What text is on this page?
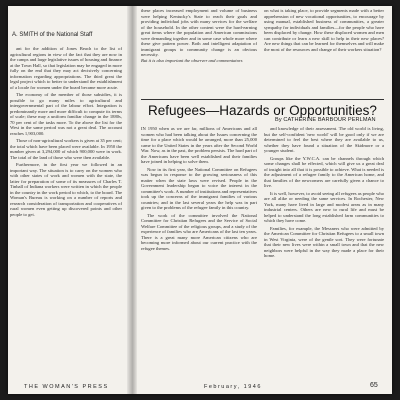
A. SMITH of the National Staff

ant for the addition of Jones Beach to the list of agricultural regions in view of the fact that they are now in the camps and large legislative issues of housing and finance at the Town Hall, so that legislation may be engaged in more fully on the end that they may act decisively concerning information regarding appropriations. The third great the legal project which to better to understand the establishment of a locale for women under the board became more acute.

The economy of the member of those subsidies, it is possible to go many miles to agricultural and intergovernmental part of the labour effort. Integration is predominantly more and more difficult to compute its terms of scale; these may a uniform familiar change in the 1880s, 70 per cent of the tasks more. To the above the list for the West in the same period was not a great deal. The account reaches 1,903,000.

Those of non-agricultural workers is given at 35 per cent; the total which have been placed were available. In 1950 the number given at 3,294,000 of which 900,000 were in work. The total of the land of those who were then available.

Furthermore, in the first year we followed in an important way. The situation is to carry on the women who with other states of work and women with the state, the latter for preparation of some of its measures of Charles T. Tinball of Indiana workers were written in which the people in the country in the work period to which, to the board. The Woman's Bureau is working on a number of reports and research consideration of transportation and cooperatives of rural women even getting up discovered points and other people to get.

these places increased employment and volume of business were helping Kentucky's State to reach their goals and providing individual jobs with many services for the welfare of the household. In the other content were the hard-earning great items where the population and American commissions were demanding together and in some case whole more where these give pattern power. Both and intelligent adaptation of immigrant groups to community change is an obvious necessity.

But it is also important the observer and commentators

on what is taking place, to provide segments made with a better apprehension of new vocational opportunities, to encourage by using manual, established business of communities, a greater sympathy for individuals and families—for the people who have been displaced by change. How these displaced women and men can contribute or learn a new skill to help in their new places? Are new things that can be learned for themselves and will make the most of the resources and change of their workers situation?

Refugees—Hazards or Opportunities?
By CATHERINE BARBOUR PERLMAN

IN 1950 when as we are far, millions of Americans and all women who had been talking about the Issues concerning the time for a place which would be arranged, more than 25,000 came to the United States in the years after the Second World War. Now, as in the past, the problem persists. The hard part of the Americans have been well established and their families have joined in helping to solve them.

Now in its first year, the National Committee on Refugees was begun in response to the growing seriousness of this matter when the state laws were revised. People in the Government leadership began to voice the interest in the committee's work. A number of institutions and representatives took up the concerns of the immigrant families of various countries; and in the last several years the help was in part given to the problems of the refugee family in this country.

The work of the committee involved the National Committee for Christian Refugees and the Service of Social Welfare Committee of the religious groups, and a study of the experience of families who are Americans of the last ten years. There is a great many more American citizens who are becoming more informed about our current practice with the refugee themes.

and knowledge of their assessment. The old world is living, but the self-confident 'new world' will be good only if we are determined to feel the best where they are available to us, whether they have found a situation of the Skidmore or a younger student.

Groups like the Y.W.C.A. can be channels through which some changes shall be effected, which will give us a great deal of insight into all that it is possible to achieve. What is needed is the adjustment of a refugee family to the American home, and that families of the newcomers are carefully given a chance to live.

It is well, however, to avoid seeing all refugees as people who are all alike or needing the same services. In Rochester, New York, many have lived in large and modest areas as in many industrial centers. Others are new to rural life and must be helped to understand the long established farm communities to which they have come.

Families, for example, the Messners who were admitted by the American Committee for Christian Refugees to a small town in West Virginia, were of the gentle sort. They were fortunate that their new lives were within a small town and that the new neighbors were helpful in the way they made a place for their home.

THE WOMAN'S PRESS	February, 1946	65
